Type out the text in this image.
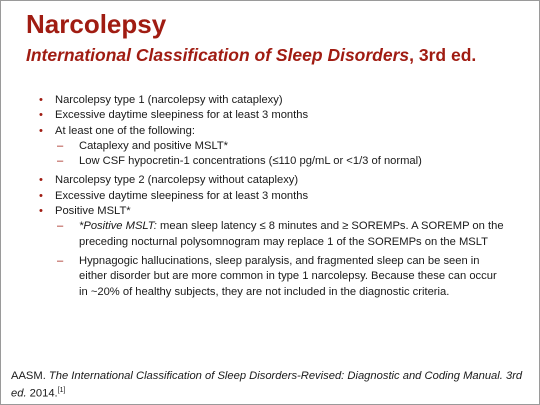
Narcolepsy
International Classification of Sleep Disorders, 3rd ed.
• Narcolepsy type 1 (narcolepsy with cataplexy)
• Excessive daytime sleepiness for at least 3 months
• At least one of the following:
– Cataplexy and positive MSLT*
– Low CSF hypocretin-1 concentrations (≤110 pg/mL or <1/3 of normal)
• Narcolepsy type 2 (narcolepsy without cataplexy)
• Excessive daytime sleepiness for at least 3 months
• Positive MSLT*
– *Positive MSLT: mean sleep latency ≤ 8 minutes and ≥ SOREMPs. A SOREMP on the preceding nocturnal polysomnogram may replace 1 of the SOREMPs on the MSLT
– Hypnagogic hallucinations, sleep paralysis, and fragmented sleep can be seen in either disorder but are more common in type 1 narcolepsy. Because these can occur in ~20% of healthy subjects, they are not included in the diagnostic criteria.
AASM. The International Classification of Sleep Disorders-Revised: Diagnostic and Coding Manual. 3rd ed. 2014.[1]
